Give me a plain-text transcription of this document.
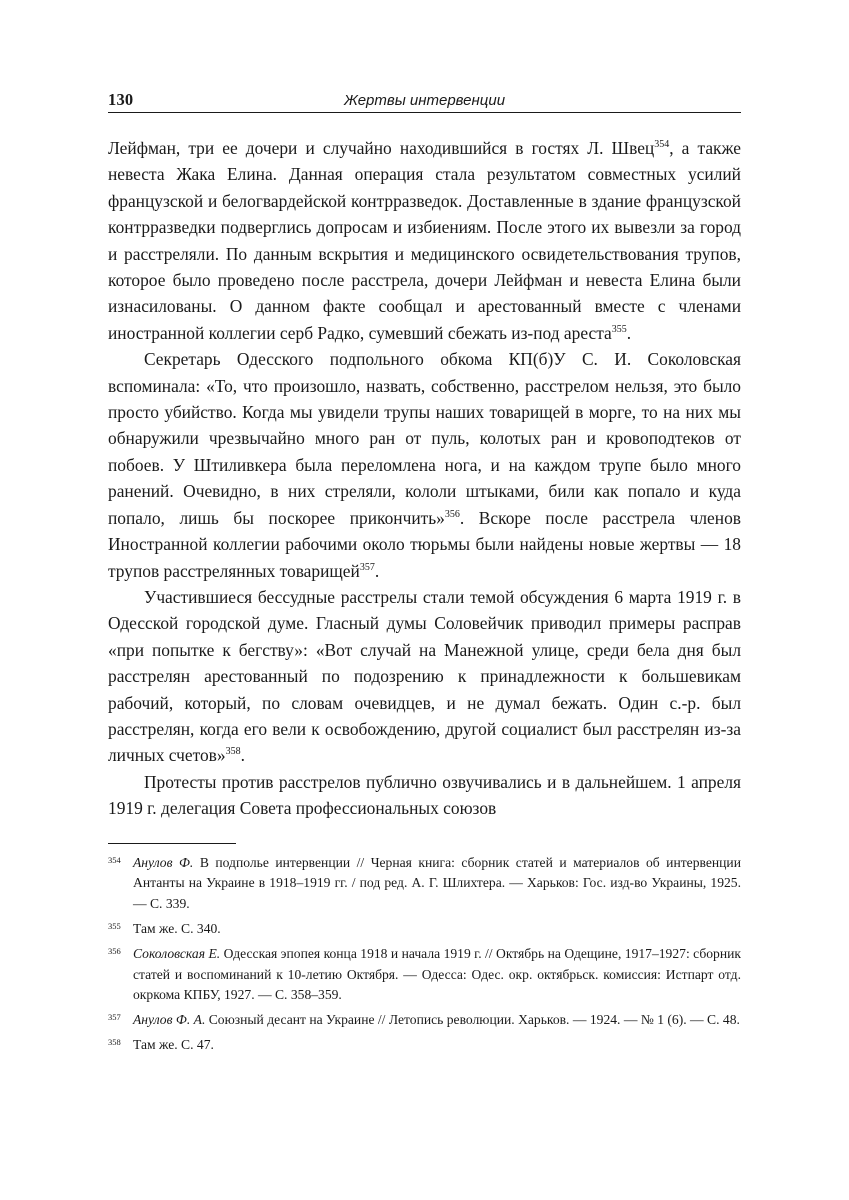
130	Жертвы интервенции

Лейфман, три ее дочери и случайно находившийся в гостях Л. Швец$^{354}$, а также невеста Жака Елина. Данная операция стала результатом совместных усилий французской и белогвардейской контрразведок. Доставленные в здание французской контрразведки подверглись допросам и избиениям. После этого их вывезли за город и расстреляли. По данным вскрытия и медицинского освидетельствования трупов, которое было проведено после расстрела, дочери Лейфман и невеста Елина были изнасилованы. О данном факте сообщал и арестованный вместе с членами иностранной коллегии серб Радко, сумевший сбежать из-под ареста$^{355}$.

Секретарь Одесского подпольного обкома КП(б)У С. И. Соколовская вспоминала: «То, что произошло, назвать, собственно, расстрелом нельзя, это было просто убийство. Когда мы увидели трупы наших товарищей в морге, то на них мы обнаружили чрезвычайно много ран от пуль, колотых ран и кровоподтеков от побоев. У Штиливкера была переломлена нога, и на каждом трупе было много ранений. Очевидно, в них стреляли, кололи штыками, били как попало и куда попало, лишь бы поскорее прикончить»$^{356}$. Вскоре после расстрела членов Иностранной коллегии рабочими около тюрьмы были найдены новые жертвы — 18 трупов расстрелянных товарищей$^{357}$.

Участившиеся бессудные расстрелы стали темой обсуждения 6 марта 1919 г. в Одесской городской думе. Гласный думы Соловейчик приводил примеры расправ «при попытке к бегству»: «Вот случай на Манежной улице, среди бела дня был расстрелян арестованный по подозрению к принадлежности к большевикам рабочий, который, по словам очевидцев, и не думал бежать. Один с.-р. был расстрелян, когда его вели к освобождению, другой социалист был расстрелян из-за личных счетов»$^{358}$.

Протесты против расстрелов публично озвучивались и в дальнейшем. 1 апреля 1919 г. делегация Совета профессиональных союзов

354 Анулов Ф. В подполье интервенции // Черная книга: сборник статей и материалов об интервенции Антанты на Украине в 1918–1919 гг. / под ред. А. Г. Шлихтера. — Харьков: Гос. изд-во Украины, 1925. — С. 339.
355 Там же. С. 340.
356 Соколовская Е. Одесская эпопея конца 1918 и начала 1919 г. // Октябрь на Одещине, 1917–1927: сборник статей и воспоминаний к 10-летию Октября. — Одесса: Одес. окр. октябрьск. комиссия: Истпарт отд. окркома КПБУ, 1927. — С. 358–359.
357 Анулов Ф. А. Союзный десант на Украине // Летопись революции. Харьков. — 1924. — № 1 (6). — С. 48.
358 Там же. С. 47.
